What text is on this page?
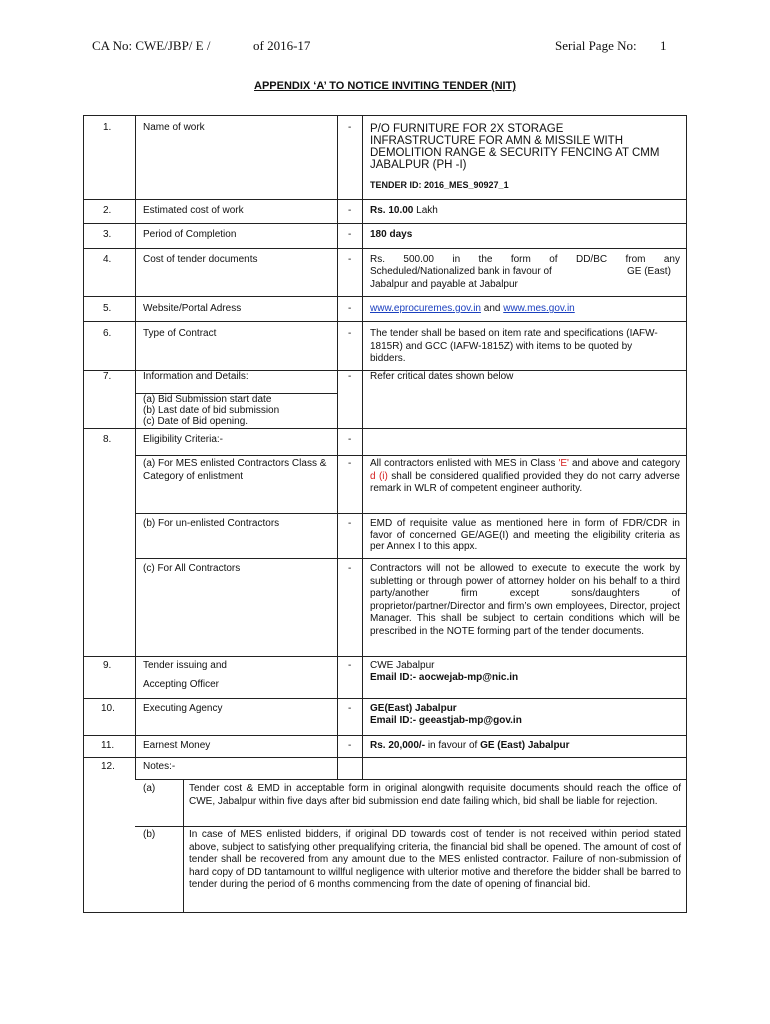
CA No: CWE/JBP/ E /	of 2016-17	Serial Page No: 1
APPENDIX ‘A’ TO NOTICE INVITING TENDER (NIT)
1.	Name of work	- P/O FURNITURE FOR 2X STORAGE INFRASTRUCTURE FOR AMN & MISSILE WITH DEMOLITION RANGE & SECURITY FENCING AT CMM JABALPUR (PH -I)
TENDER ID: 2016_MES_90927_1
2.	Estimated cost of work	- Rs. 10.00 Lakh
3.	Period of Completion	- 180 days
4.	Cost of tender documents	- Rs. 500.00 in the form of DD/BC from any
Scheduled/Nationalized bank in favour of	GE (East)
Jabalpur and payable at Jabalpur
5.	Website/Portal Adress	- www.eprocuremes.gov.in and www.mes.gov.in
6.	Type of Contract	- The tender shall be based on item rate and specifications (IAFW-1815R) and GCC (IAFW-1815Z) with items to be quoted by bidders.
7.	Information and Details:	- Refer critical dates shown below
(a) Bid Submission start date
(b) Last date of bid submission
(c) Date of Bid opening.
8.	Eligibility Criteria:-	-
(a) For MES enlisted Contractors Class & Category of enlistment
- All contractors enlisted with MES in Class 'E' and above and category d (i) shall be considered qualified provided they do not carry adverse remark in WLR of competent engineer authority.
(b) For un-enlisted Contractors	- EMD of requisite value as mentioned here in form of FDR/CDR in favor of concerned GE/AGE(I) and meeting the eligibility criteria as per Annex I to this appx.
(c) For All Contractors	- Contractors will not be allowed to execute to execute the work by subletting or through power of attorney holder on his behalf to a third party/another firm except sons/daughters of proprietor/partner/Director and firm’s own employees, Director, project Manager. This shall be subject to certain conditions which will be prescribed in the NOTE forming part of the tender documents.
9.	Tender issuing and
Accepting Officer
- CWE Jabalpur
Email ID:- aocwejab-mp@nic.in
10.	Executing Agency	- GE(East) Jabalpur
Email ID:- geeastjab-mp@gov.in
11.	Earnest Money	- Rs. 20,000/- in favour of GE (East) Jabalpur
12.	Notes:-
(a)	Tender cost & EMD in acceptable form in original alongwith requisite documents should reach the office of CWE, Jabalpur within five days after bid submission end date failing which, bid shall be liable for rejection.
(b)	In case of MES enlisted bidders, if original DD towards cost of tender is not received within period stated above, subject to satisfying other prequalifying criteria, the financial bid shall be opened. The amount of cost of tender shall be recovered from any amount due to the MES enlisted contractor. Failure of non-submission of hard copy of DD tantamount to willful negligence with ulterior motive and therefore the bidder shall be barred to tender during the period of 6 months commencing from the date of opening of financial bid.
